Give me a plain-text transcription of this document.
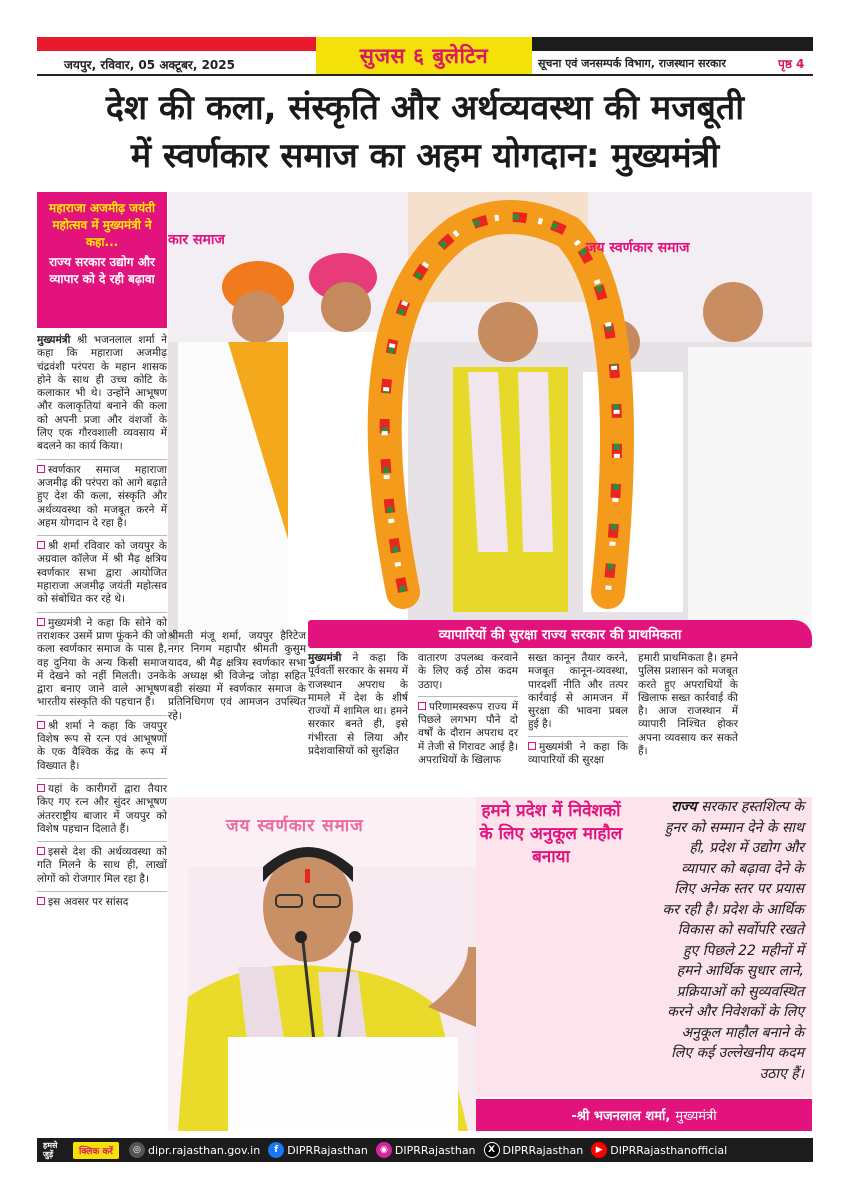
सुजस ६ बुलेटिन
जयपुर, रविवार, 05 अक्टूबर, 2025	सूचना एवं जनसम्पर्क विभाग, राजस्थान सरकार	पृष्ठ 4
देश की कला, संस्कृति और अर्थव्यवस्था की मजबूती
में स्वर्णकार समाज का अहम योगदान: मुख्यमंत्री
महाराजा अजमीढ़ जयंती महोत्सव में मुख्यमंत्री ने कहा...
राज्य सरकार उद्योग और व्यापार को दे रही बढ़ावा

मुख्यमंत्री श्री भजनलाल शर्मा ने कहा कि महाराजा अजमीढ़ चंद्रवंशी परंपरा के महान शासक होने के साथ ही उच्च कोटि के कलाकार भी थे। उन्होंने आभूषण और कलाकृतियां बनाने की कला को अपनी प्रजा और वंशजों के लिए एक गौरवशाली व्यवसाय में बदलने का कार्य किया।

स्वर्णकार समाज महाराजा अजमीढ़ की परंपरा को आगे बढ़ाते हुए देश की कला, संस्कृति और अर्थव्यवस्था को मजबूत करने में अहम योगदान दे रहा है।

श्री शर्मा रविवार को जयपुर के अग्रवाल कॉलेज में श्री मैढ़ क्षत्रिय स्वर्णकार सभा द्वारा आयोजित महाराजा अजमीढ़ जयंती महोत्सव को संबोधित कर रहे थे।

मुख्यमंत्री ने कहा कि सोने को तराशकर उसमें प्राण फूंकने की जो कला स्वर्णकार समाज के पास है, वह दुनिया के अन्य किसी समाज में देखने को नहीं मिलती। उनके द्वारा बनाए जाने वाले आभूषण भारतीय संस्कृति की पहचान हैं।

श्री शर्मा ने कहा कि जयपुर विशेष रूप से रत्न एवं आभूषणों के एक वैश्विक केंद्र के रूप में विख्यात है।

यहां के कारीगरों द्वारा तैयार किए गए रत्न और सुंदर आभूषण अंतरराष्ट्रीय बाजार में जयपुर को विशेष पहचान दिलाते हैं।

इससे देश की अर्थव्यवस्था को गति मिलने के साथ ही, लाखों लोगों को रोजगार मिल रहा है।

इस अवसर पर सांसद

कार समाज	जय स्वर्णकार समाज
श्रीमती मंजू शर्मा, जयपुर हैरिटेज नगर निगम महापौर श्रीमती कुसुम यादव, श्री मैढ़ क्षत्रिय स्वर्णकार सभा के अध्यक्ष श्री विजेन्द्र जोड़ा सहित बड़ी संख्या में स्वर्णकार समाज के प्रतिनिधिगण एवं आमजन उपस्थित रहे।
व्यापारियों की सुरक्षा राज्य सरकार की प्राथमिकता

मुख्यमंत्री ने कहा कि पूर्ववर्ती सरकार के समय में राजस्थान अपराध के मामले में देश के शीर्ष राज्यों में शामिल था। हमने सरकार बनते ही, इसे गंभीरता से लिया और प्रदेशवासियों को सुरक्षित

वातारण उपलब्ध करवाने के लिए कई ठोस कदम उठाए।

परिणामस्वरूप राज्य में पिछले लगभग पौने दो वर्षों के दौरान अपराध दर में तेजी से गिरावट आई है। अपराधियों के खिलाफ

सख्त कानून तैयार करने, मजबूत कानून-व्यवस्था, पारदर्शी नीति और तत्पर कार्रवाई से आमजन में सुरक्षा की भावना प्रबल हुई है।

मुख्यमंत्री ने कहा कि व्यापारियों की सुरक्षा

हमारी प्राथमिकता है। हमने पुलिस प्रशासन को मजबूत करते हुए अपराधियों के खिलाफ सख्त कार्रवाई की है। आज राजस्थान में व्यापारी निश्चित होकर अपना व्यवसाय कर सकते हैं।

जय स्वर्णकार समाज
हमने प्रदेश में निवेशकों के लिए अनुकूल माहौल बनाया

राज्य सरकार हस्तशिल्प के हुनर को सम्मान देने के साथ ही, प्रदेश में उद्योग और व्यापार को बढ़ावा देने के लिए अनेक स्तर पर प्रयास कर रही है। प्रदेश के आर्थिक विकास को सर्वोपरि रखते हुए पिछले 22 महीनों में हमने आर्थिक सुधार लाने, प्रक्रियाओं को सुव्यवस्थित करने और निवेशकों के लिए अनुकूल माहौल बनाने के लिए कई उल्लेखनीय कदम उठाए हैं।

-श्री भजनलाल शर्मा, मुख्यमंत्री
हमसे जुड़ें	क्लिक करें	◎ dipr.rajasthan.gov.in	f DIPRRajasthan	◉ DIPRRajasthan	X DIPRRajasthan	▶ DIPRRajasthanofficial
